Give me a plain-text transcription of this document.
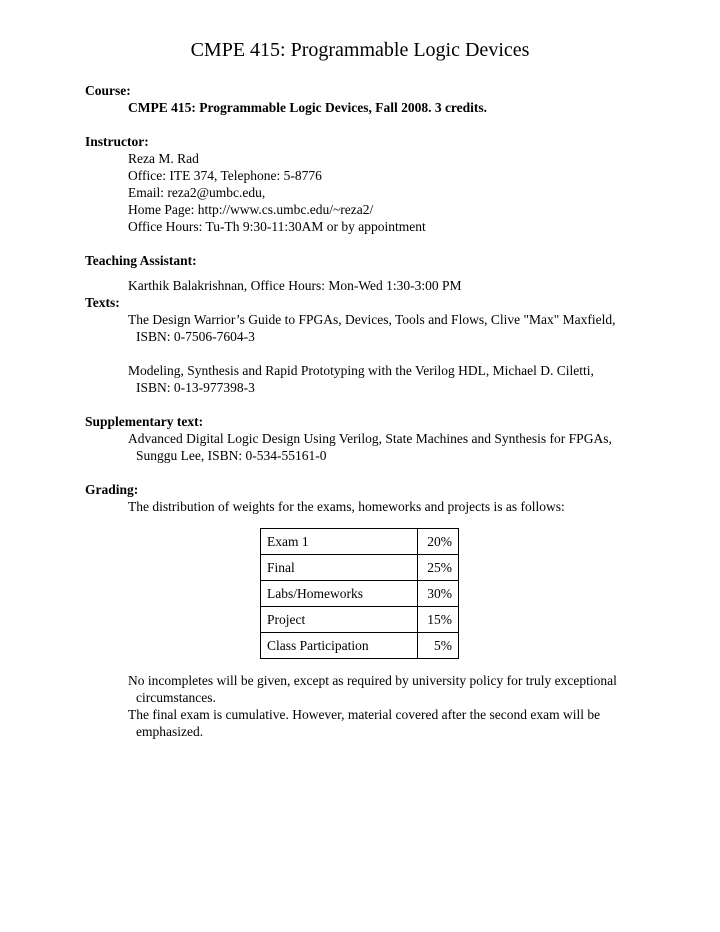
CMPE 415: Programmable Logic Devices
Course:
CMPE 415: Programmable Logic Devices, Fall 2008. 3 credits.
Instructor:
Reza M. Rad
Office: ITE 374, Telephone: 5-8776
Email: reza2@umbc.edu,
Home Page: http://www.cs.umbc.edu/~reza2/
Office Hours: Tu-Th 9:30-11:30AM or by appointment
Teaching Assistant:
Karthik Balakrishnan, Office Hours: Mon-Wed 1:30-3:00 PM
Texts:
The Design Warrior’s Guide to FPGAs, Devices, Tools and Flows, Clive "Max" Maxfield,
ISBN: 0-7506-7604-3
Modeling, Synthesis and Rapid Prototyping with the Verilog HDL, Michael D. Ciletti,
ISBN: 0-13-977398-3
Supplementary text:
Advanced Digital Logic Design Using Verilog, State Machines and Synthesis for FPGAs,
Sunggu Lee, ISBN: 0-534-55161-0
Grading:
The distribution of weights for the exams, homeworks and projects is as follows:
Exam 1	20%
Final	25%
Labs/Homeworks	30%
Project	15%
Class Participation	5%
No incompletes will be given, except as required by university policy for truly exceptional
circumstances.
The final exam is cumulative. However, material covered after the second exam will be
emphasized.
